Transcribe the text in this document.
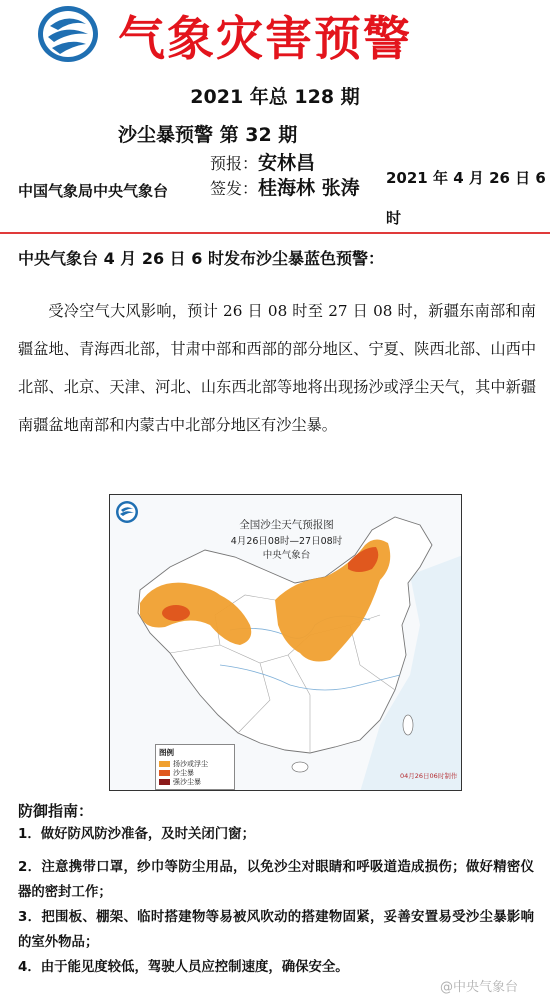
气象灾害预警
2021 年总 128 期
沙尘暴预警 第 32 期
中国气象局中央气象台
预报：安林昌
签发：桂海林 张涛	2021 年 4 月 26 日 6 时
中央气象台 4 月 26 日 6 时发布沙尘暴蓝色预警：
受冷空气大风影响，预计 26 日 08 时至 27 日 08 时，新疆东南部和南疆盆地、青海西北部，甘肃中部和西部的部分地区、宁夏、陕西北部、山西中北部、北京、天津、河北、山东西北部等地将出现扬沙或浮尘天气，其中新疆南疆盆地南部和内蒙古中北部分地区有沙尘暴。
全国沙尘天气预报图
4月26日08时—27日08时
中央气象台
图例
扬沙或浮尘
沙尘暴
强沙尘暴
04月26日06时制作
防御指南：
1．做好防风防沙准备，及时关闭门窗；
2．注意携带口罩，纱巾等防尘用品，以免沙尘对眼睛和呼吸道造成损伤；做好精密仪器的密封工作；
3．把围板、棚架、临时搭建物等易被风吹动的搭建物固紧，妥善安置易受沙尘暴影响的室外物品；
4．由于能见度较低，驾驶人员应控制速度，确保安全。
@中央气象台
